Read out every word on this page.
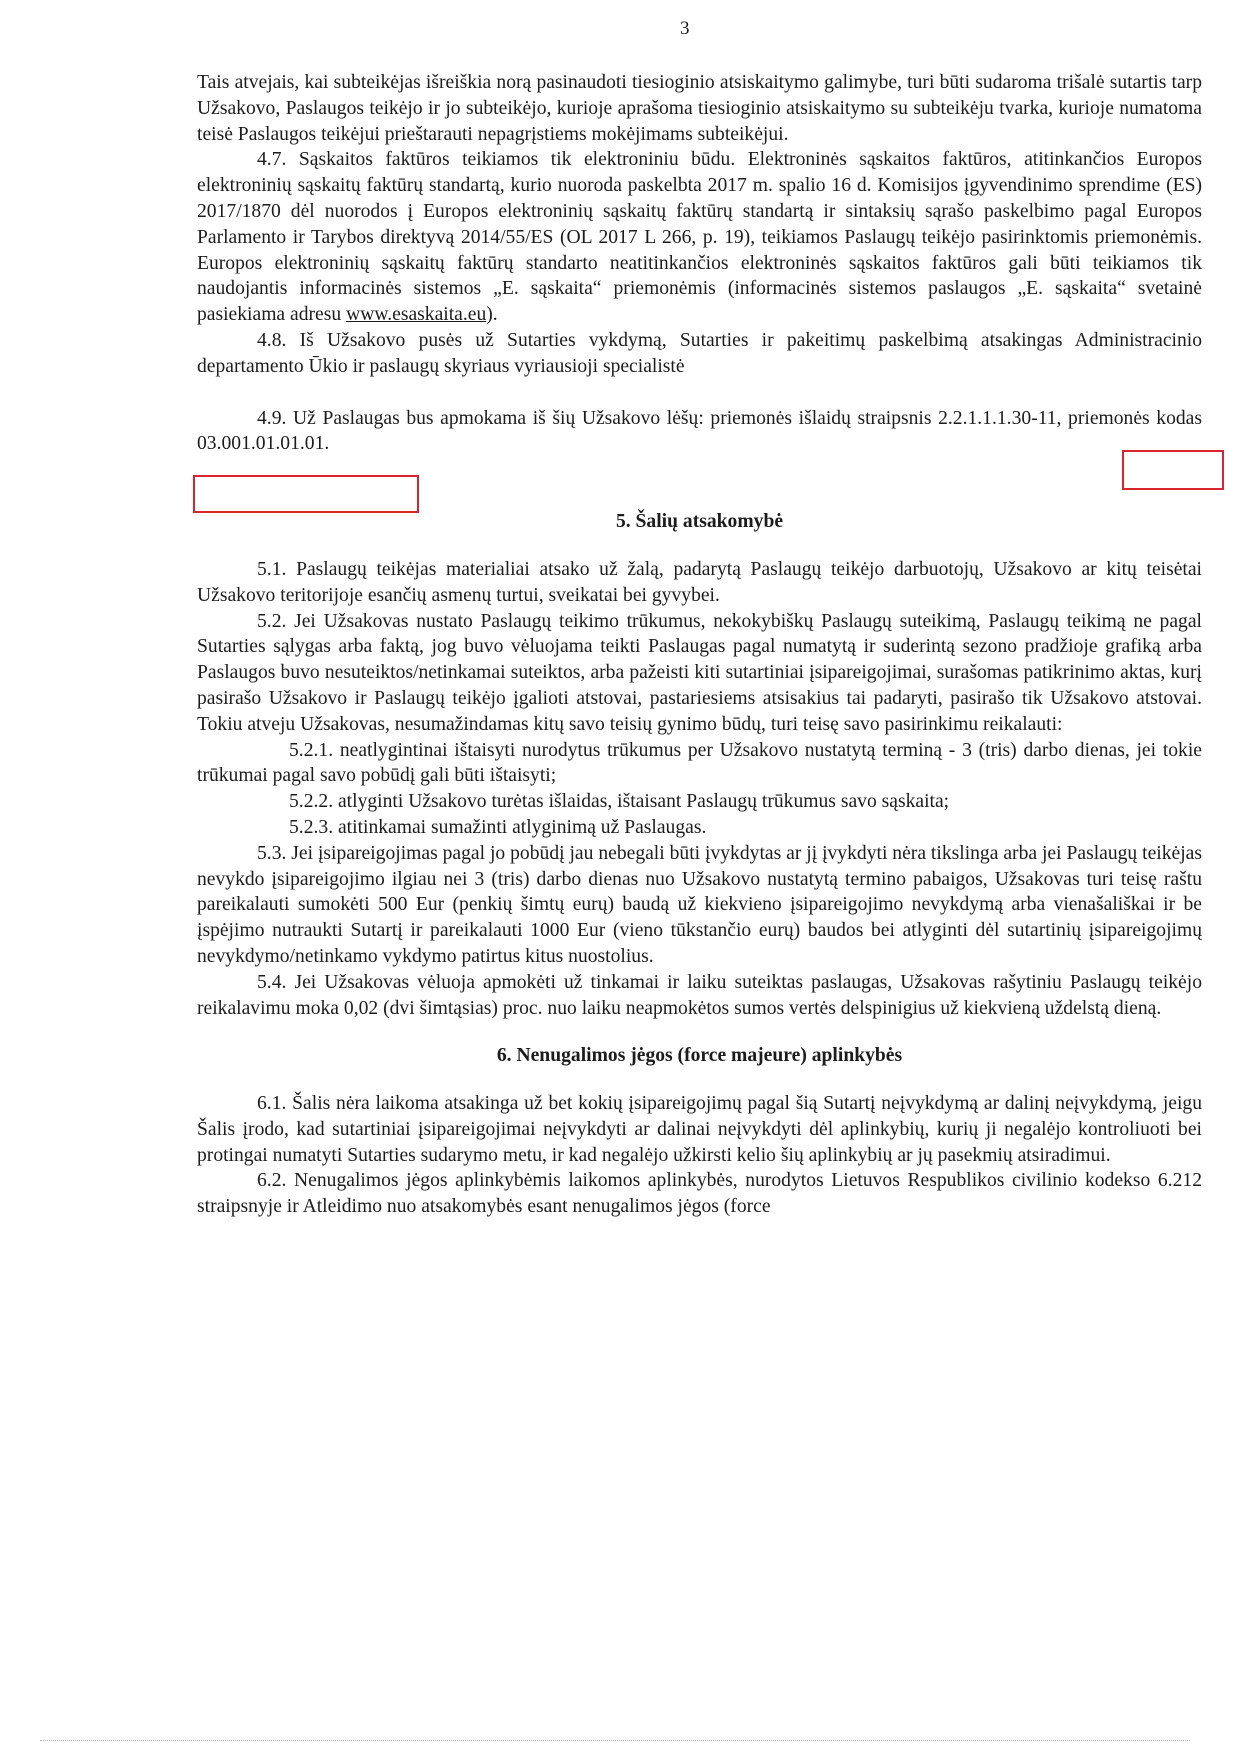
3

Tais atvejais, kai subteikėjas išreiškia norą pasinaudoti tiesioginio atsiskaitymo galimybe, turi būti sudaroma trišalė sutartis tarp Užsakovo, Paslaugos teikėjo ir jo subteikėjo, kurioje aprašoma tiesioginio atsiskaitymo su subteikėju tvarka, kurioje numatoma teisė Paslaugos teikėjui prieštarauti nepagrįstiems mokėjimams subteikėjui.

4.7. Sąskaitos faktūros teikiamos tik elektroniniu būdu. Elektroninės sąskaitos faktūros, atitinkančios Europos elektroninių sąskaitų faktūrų standartą, kurio nuoroda paskelbta 2017 m. spalio 16 d. Komisijos įgyvendinimo sprendime (ES) 2017/1870 dėl nuorodos į Europos elektroninių sąskaitų faktūrų standartą ir sintaksių sąrašo paskelbimo pagal Europos Parlamento ir Tarybos direktyvą 2014/55/ES (OL 2017 L 266, p. 19), teikiamos Paslaugų teikėjo pasirinktomis priemonėmis. Europos elektroninių sąskaitų faktūrų standarto neatitinkančios elektroninės sąskaitos faktūros gali būti teikiamos tik naudojantis informacinės sistemos „E. sąskaita“ priemonėmis (informacinės sistemos paslaugos „E. sąskaita“ svetainė pasiekiama adresu www.esaskaita.eu).

4.8. Iš Užsakovo pusės už Sutarties vykdymą, Sutarties ir pakeitimų paskelbimą atsakingas Administracinio departamento Ūkio ir paslaugų skyriaus vyriausioji specialistė

4.9. Už Paslaugas bus apmokama iš šių Užsakovo lėšų: priemonės išlaidų straipsnis 2.2.1.1.1.30-11, priemonės kodas 03.001.01.01.01.

5. Šalių atsakomybė

5.1. Paslaugų teikėjas materialiai atsako už žalą, padarytą Paslaugų teikėjo darbuotojų, Užsakovo ar kitų teisėtai Užsakovo teritorijoje esančių asmenų turtui, sveikatai bei gyvybei.

5.2. Jei Užsakovas nustato Paslaugų teikimo trūkumus, nekokybiškų Paslaugų suteikimą, Paslaugų teikimą ne pagal Sutarties sąlygas arba faktą, jog buvo vėluojama teikti Paslaugas pagal numatytą ir suderintą sezono pradžioje grafiką arba Paslaugos buvo nesuteiktos/netinkamai suteiktos, arba pažeisti kiti sutartiniai įsipareigojimai, surašomas patikrinimo aktas, kurį pasirašo Užsakovo ir Paslaugų teikėjo įgalioti atstovai, pastariesiems atsisakius tai padaryti, pasirašo tik Užsakovo atstovai. Tokiu atveju Užsakovas, nesumažindamas kitų savo teisių gynimo būdų, turi teisę savo pasirinkimu reikalauti:

5.2.1. neatlygintinai ištaisyti nurodytus trūkumus per Užsakovo nustatytą terminą - 3 (tris) darbo dienas, jei tokie trūkumai pagal savo pobūdį gali būti ištaisyti;

5.2.2. atlyginti Užsakovo turėtas išlaidas, ištaisant Paslaugų trūkumus savo sąskaita;

5.2.3. atitinkamai sumažinti atlyginimą už Paslaugas.

5.3. Jei įsipareigojimas pagal jo pobūdį jau nebegali būti įvykdytas ar jį įvykdyti nėra tikslinga arba jei Paslaugų teikėjas nevykdo įsipareigojimo ilgiau nei 3 (tris) darbo dienas nuo Užsakovo nustatytą termino pabaigos, Užsakovas turi teisę raštu pareikalauti sumokėti 500 Eur (penkių šimtų eurų) baudą už kiekvieno įsipareigojimo nevykdymą arba vienašališkai ir be įspėjimo nutraukti Sutartį ir pareikalauti 1000 Eur (vieno tūkstančio eurų) baudos bei atlyginti dėl sutartinių įsipareigojimų nevykdymo/netinkamo vykdymo patirtus kitus nuostolius.

5.4. Jei Užsakovas vėluoja apmokėti už tinkamai ir laiku suteiktas paslaugas, Užsakovas rašytiniu Paslaugų teikėjo reikalavimu moka 0,02 (dvi šimtąsias) proc. nuo laiku neapmokėtos sumos vertės delspinigius už kiekvieną uždelstą dieną.

6. Nenugalimos jėgos (force majeure) aplinkybės

6.1. Šalis nėra laikoma atsakinga už bet kokių įsipareigojimų pagal šią Sutartį neįvykdymą ar dalinį neįvykdymą, jeigu Šalis įrodo, kad sutartiniai įsipareigojimai neįvykdyti ar dalinai neįvykdyti dėl aplinkybių, kurių ji negalėjo kontroliuoti bei protingai numatyti Sutarties sudarymo metu, ir kad negalėjo užkirsti kelio šių aplinkybių ar jų pasekmių atsiradimui.

6.2. Nenugalimos jėgos aplinkybėmis laikomos aplinkybės, nurodytos Lietuvos Respublikos civilinio kodekso 6.212 straipsnyje ir Atleidimo nuo atsakomybės esant nenugalimos jėgos (force
